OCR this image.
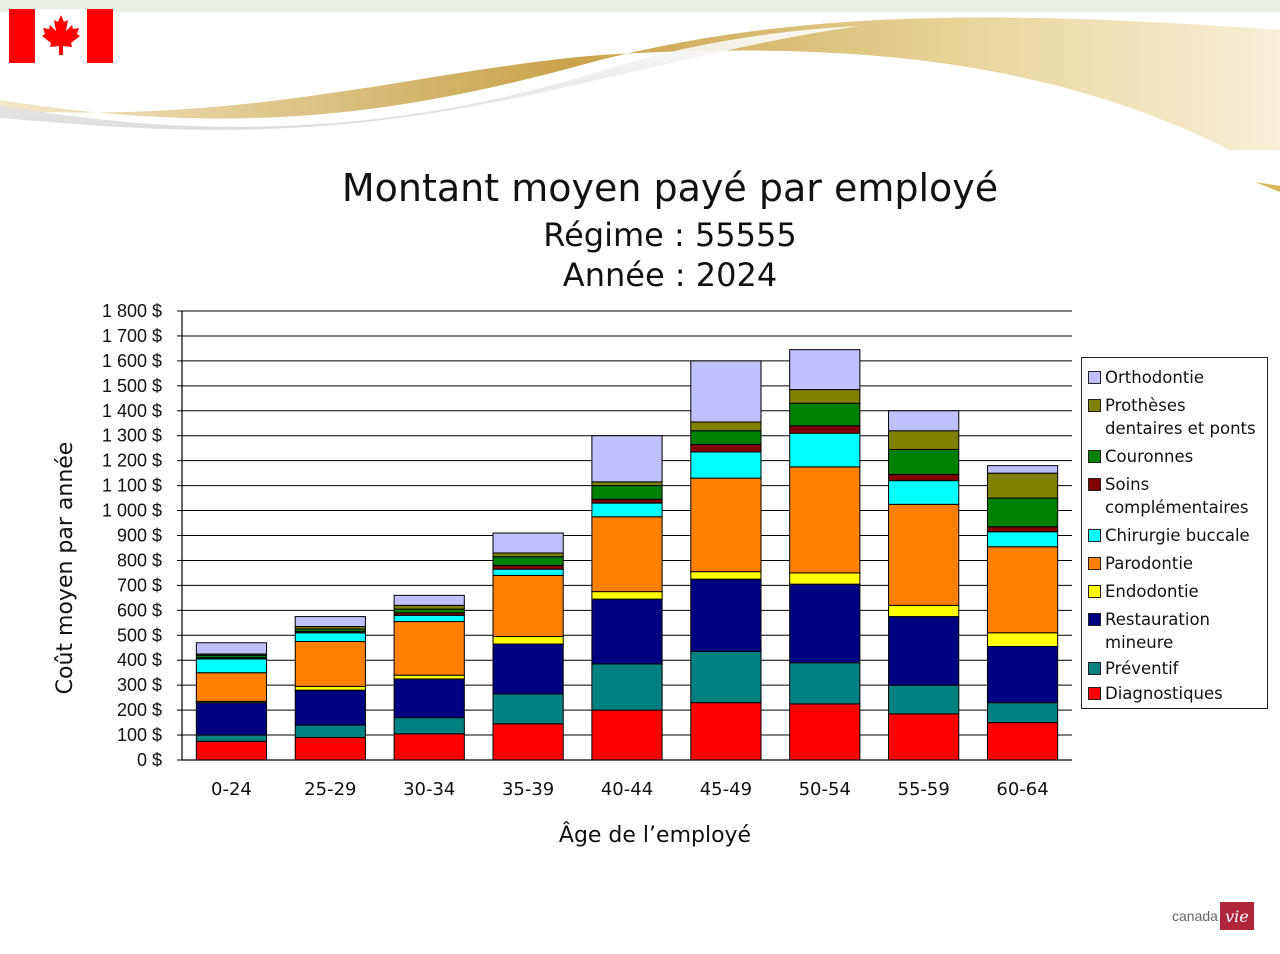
Montant moyen payé par employé
Régime : 55555
Année : 2024
0 $
100 $
200 $
300 $
400 $
500 $
600 $
700 $
800 $
900 $
1 000 $
1 100 $
1 200 $
1 300 $
1 400 $
1 500 $
1 600 $
1 700 $
1 800 $
0-24	25-29	30-34	35-39	40-44	45-49	50-54	55-59	60-64
Âge de l’employé
Coût moyen par année
Orthodontie
Prothèses
dentaires et ponts
Couronnes
Soins
complémentaires
Chirurgie buccale
Parodontie
Endodontie
Restauration
mineure
Préventif
Diagnostiques
canada vie
